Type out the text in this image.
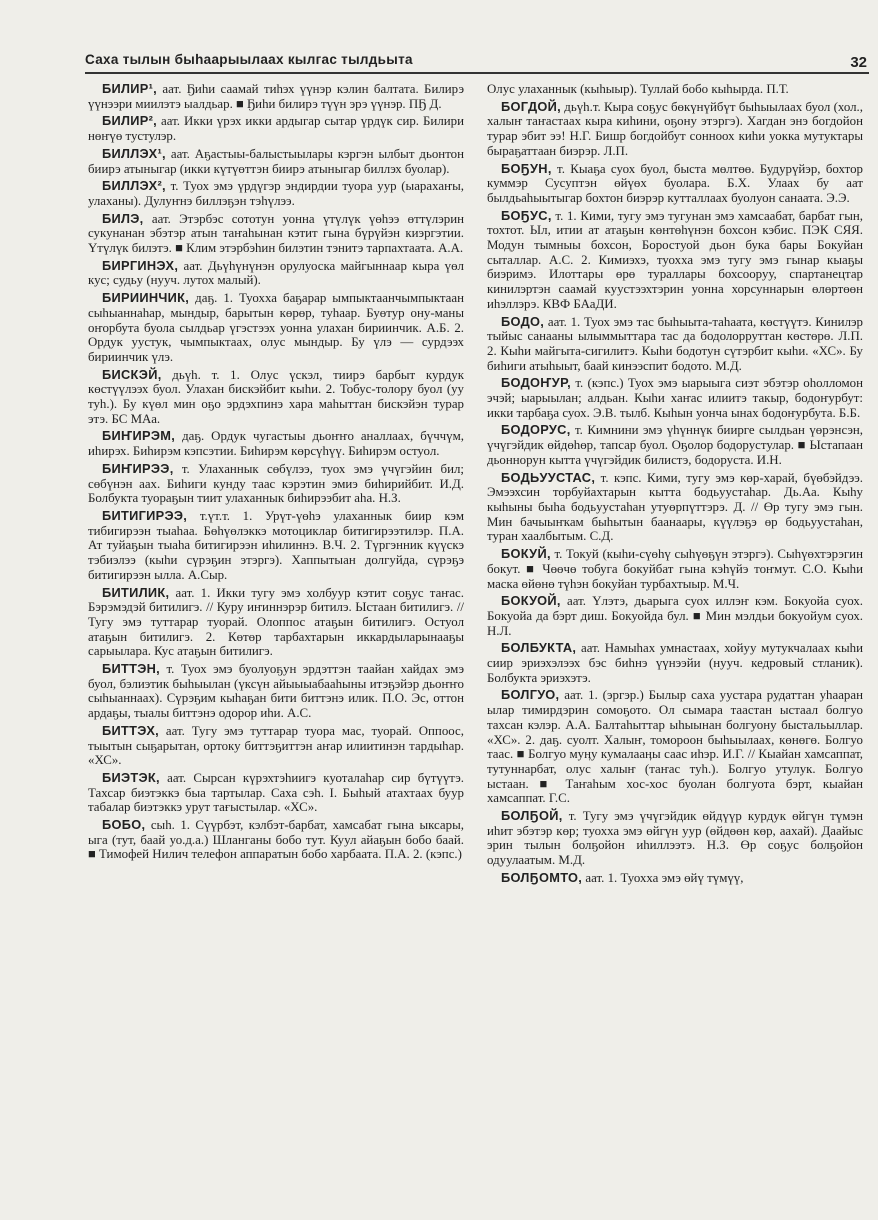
Саха тылын быһаарыылаах кылгас тылдьыта	32

БИЛИР¹, аат. Ҕиһи саамай тиһэх үүнэр кэлин балтата. Билирэ үүнээри миилэтэ ыалдьар. ■ Ҕиһи билирэ түүн эрэ үүнэр. ПҔ Д.

БИЛИР², аат. Икки үрэх икки ардыгар сытар үрдүк сир. Билири нөҥүө тустулэр.

БИЛЛЭХ¹, аат. Аҕастыы-балыстыылары кэргэн ылбыт дьонтон биирэ атыныгар (икки күтүөттэн биирэ атыныгар биллэх буолар).

БИЛЛЭХ², т. Туох эмэ үрдүгэр эндирдии туора уур (ыарахаҥы, улаханы). Дулуҥнэ биллэҕэн тэһүлээ.

БИЛЭ, аат. Этэрбэс сототун уонна үтүлүк үөһээ өттүлэрин сукунанан эбэтэр атын таҥаһынан кэтит гына бүрүйэн киэргэтии. Үтүлүк билэтэ. ■ Клим этэрбэһин билэтин тэнитэ тарпахтаата. А.А.

БИРГИНЭХ, аат. Дьүһүнүнэн орулуоска майгыннаар кыра үөл кус; судьу (нууч. лутох малый).

БИРИИНЧИК, даҕ. 1. Туохха баҕарар ымпыктаанчымпыктаан сыһыаннаһар, мындыр, барытын көрөр, туһаар. Буөтур ону-маны оҥорбута буола сылдьар үгэстээх уонна улахан бириинчик. А.Б. 2. Ордук уустук, чымпыктаах, олус мындыр. Бу үлэ — сурдээх бириинчик үлэ.

БИСКЭЙ, дьүһ. т. 1. Олус үскэл, тиирэ барбыт курдук көстүүлээх буол. Улахан бискэйбит кыһи. 2. Тобус-толору буол (уу туһ.). Бу күөл мин оҕо эрдэхпинэ хара маһыттан бискэйэн турар этэ. БС МАа.

БИҤИРЭМ, даҕ. Ордук чугастыы дьоҥҥо аналлаах, бүччүм, иһирэх. Биһирэм кэпсэтии. Биһирэм көрсүһүү. Биһирэм остуол.

БИҤИРЭЭ, т. Улаханнык сөбүлээ, туох эмэ үчүгэйин бил; сөбүнэн аах. Биһиги кунду таас кэрэтин эмиэ биһирийбит. И.Д. Болбукта туораҕын тиит улаханнык биһирээбит аһа. Н.З.

БИТИГИРЭЭ, т.үт.т. 1. Урүт-үөһэ улаханнык биир кэм тибигирээн тыаһаа. Бөһүөлэккэ мотоциклар битигирээтилэр. П.А. Ат туйаҕын тыаһа битигирээн иһилиннэ. В.Ч. 2. Түргэнник күүскэ тэбиэлээ (кыһи сүрэҕин этэргэ). Хаппытыан долгуйда, сүрэҕэ битигирээн ылла. А.Сыр.

БИТИЛИК, аат. 1. Икки тугу эмэ холбуур кэтит соҕус таҥас. Бэрэмэдэй битилигэ. // Куру иҥиннэрэр битилэ. Ыстаан битилигэ. // Тугу эмэ туттарар туорай. Олоппос атаҕын битилигэ. Остуол атаҕын битилигэ. 2. Көтөр тарбахтарын иккардыларынааҕы сарыылара. Кус атаҕын битилигэ.

БИТТЭН, т. Туох эмэ буолуоҕун эрдэттэн таайан хайдах эмэ буол, бэлиэтик быһыылан (үксүн айыыыабааһыны итэҕэйэр дьоҥҥо сыһыаннаах). Сүрэҕим кыһаҕан бити биттэнэ илик. П.О. Эс, оттон ардаҕы, тыалы биттэнэ одорор иһи. А.С.

БИТТЭХ, аат. Тугу эмэ туттарар туора мас, туорай. Оппоос, тыытын сыҕарытан, ортоку биттэҕиттэн аҥар илиитинэн тардыһар. «ХС».

БИЭТЭК, аат. Сырсан күрэхтэһиигэ куоталаһар сир бүтүүтэ. Тахсар биэтэккэ быа тартылар. Саха сэһ. I. Быһый атахтаах буур табалар биэтэккэ урут тағыстылар. «ХС».

БОБО, сыһ. 1. Сүүрбэт, кэлбэт-барбат, хамсабат гына ыксары, ыга (тут, баай уо.д.а.) Шланганы бобо тут. Куул айаҕын бобо баай. ■ Тимофей Нилич телефон аппаратын бобо харбаата. П.А. 2. (кэпс.)

Олус улаханнык (кыһыыр). Туллай бобо кыһырда. П.Т.

БОГДОЙ, дьүһ.т. Кыра соҕус бөкүнүйбүт быһыылаах буол (хол., халыҥ таҥастаах кыра киһини, оҕону этэргэ). Хагдан энэ богдойон турар эбит ээ! Н.Г. Бишр богдойбут сонноох киһи уокка мутуктары быраҕаттаан биэрэр. Л.П.

БОҔУН, т. Кыаҕа суох буол, быста мөлтөө. Будурүйэр, бохтор куммэр Сусуптэн өйүөх буолара. Б.Х. Улаах бу аат былдьаһыытыгар бохтон биэрэр кутталлаах буолуон санаата. Э.Э.

БОҔУС, т. 1. Кими, тугу эмэ тугунан эмэ хамсаабат, барбат гын, тохтот. Ыл, итии ат атаҕын көнтөһүнэн бохсон кэбис. ПЭК СЯЯ. Модун тымныы бохсон, Боростуой дьон бука бары Бокуйан сыталлар. А.С. 2. Кимиэхэ, туохха эмэ тугу эмэ гынар кыаҕы биэримэ. Илоттары өрө тураллары бохсооруу, спартанецтар кинилэртэн саамай куустээхтэрин уонна хорсуннарын өлөртөөн иһэллэрэ. КВФ БАаДИ.

БОДО, аат. 1. Туох эмэ тас быһыыта-таһаата, көстүүтэ. Кинилэр тыйыс санааны ылыммыттара тас да бодолорруттан көстөрө. Л.П. 2. Кыһи майгыта-сигилитэ. Кыһи бодотун сүтэрбит кыһи. «ХС». Бу биһиги атыһыыт, баай кинээспит бодото. М.Д.

БОДОҤУР, т. (кэпс.) Туох эмэ ыарыыга сиэт эбэтэр оһолломон эчэй; ыарыылан; алдьан. Кыһи хаҥас илиитэ такыр, бодоҥурбут: икки тарбаҕа суох. Э.В. тылб. Кыһын уонча ынах бодоҥурбута. Б.Б.

БОДОРУС, т. Кимнини эмэ үһүннүк биирге сылдьан үөрэнсэн, үчүгэйдик өйдөһөр, тапсар буол. Оҕолор бодорустулар. ■ Ыстапаан дьоннорун кытта үчүгэйдик билистэ, бодоруста. И.Н.

БОДЬУУСТАС, т. кэпс. Кими, тугу эмэ көр-харай, бүөбэйдээ. Эмээхсин торбуйахтарын кытта бодьуустаһар. Дь.Аа. Кыһу кыһыны быһа бодьуустаһан утуөрпүттэрэ. Д. // Өр тугу эмэ гын. Мин бачыыҥкам быһытын баанаары, күүлэҕэ өр бодьуустаһан, туран хаалбытым. С.Д.

БОКУЙ, т. Токуй (кыһи-сүөһү сыһүөҕүн этэргэ). Сыһүөхтэрэгин бокут. ■ Чөөчө тобуга бокуйбат гына кэһүйэ тоҥмут. С.О. Кыһи маска өйөнө түһэн бокуйан турбахтыыр. М.Ч.

БОКУОЙ, аат. Үлэтэ, дьарыга суох иллэҥ кэм. Бокуойа суох. Бокуойа да бэрт диш. Бокуойда бул. ■ Мин мэлдьи бокуойум суох. Н.Л.

БОЛБУКТА, аат. Намыһах умнастаах, хойуу мутукчалаах кыһи сиир эриэхэлээх бэс биһнэ үүнээйи (нууч. кедровый стланик). Болбукта эриэхэтэ.

БОЛГУО, аат. 1. (эргэр.) Былыр саха уустара рудаттан уһааран ылар тимирдэрин сомоҕото. Ол сымара таастан ыстаал болгуо тахсан кэлэр. А.А. Балтаһыттар ыһыынан болгуону быстальыллар. «ХС». 2. даҕ. суолт. Халыҥ, томороон быһыылаах, көнөгө. Болгуо таас. ■ Болгуо муӊу кумалааӊы саас иһэр. И.Г. // Кыайан хамсаппат, тутуннарбат, олус халыҥ (таҥас туһ.). Болгуо утулук. Болгуо ыстаан. ■ Таҥаһым хос-хос буолан болгуота бэрт, кыайан хамсаппат. Г.С.

БОЛҔОЙ, т. Тугу эмэ үчүгэйдик өйдүүр курдук өйгүн түмэн иһит эбэтэр көр; туохха эмэ өйгүн уур (өйдөөн көр, аахай). Даайыс эрин тылын болҕойон иһиллээтэ. Н.З. Өр соҕус болҕойон одуулаатым. М.Д.

БОЛҔОМТО, аат. 1. Туохха эмэ өйү түмүү,
